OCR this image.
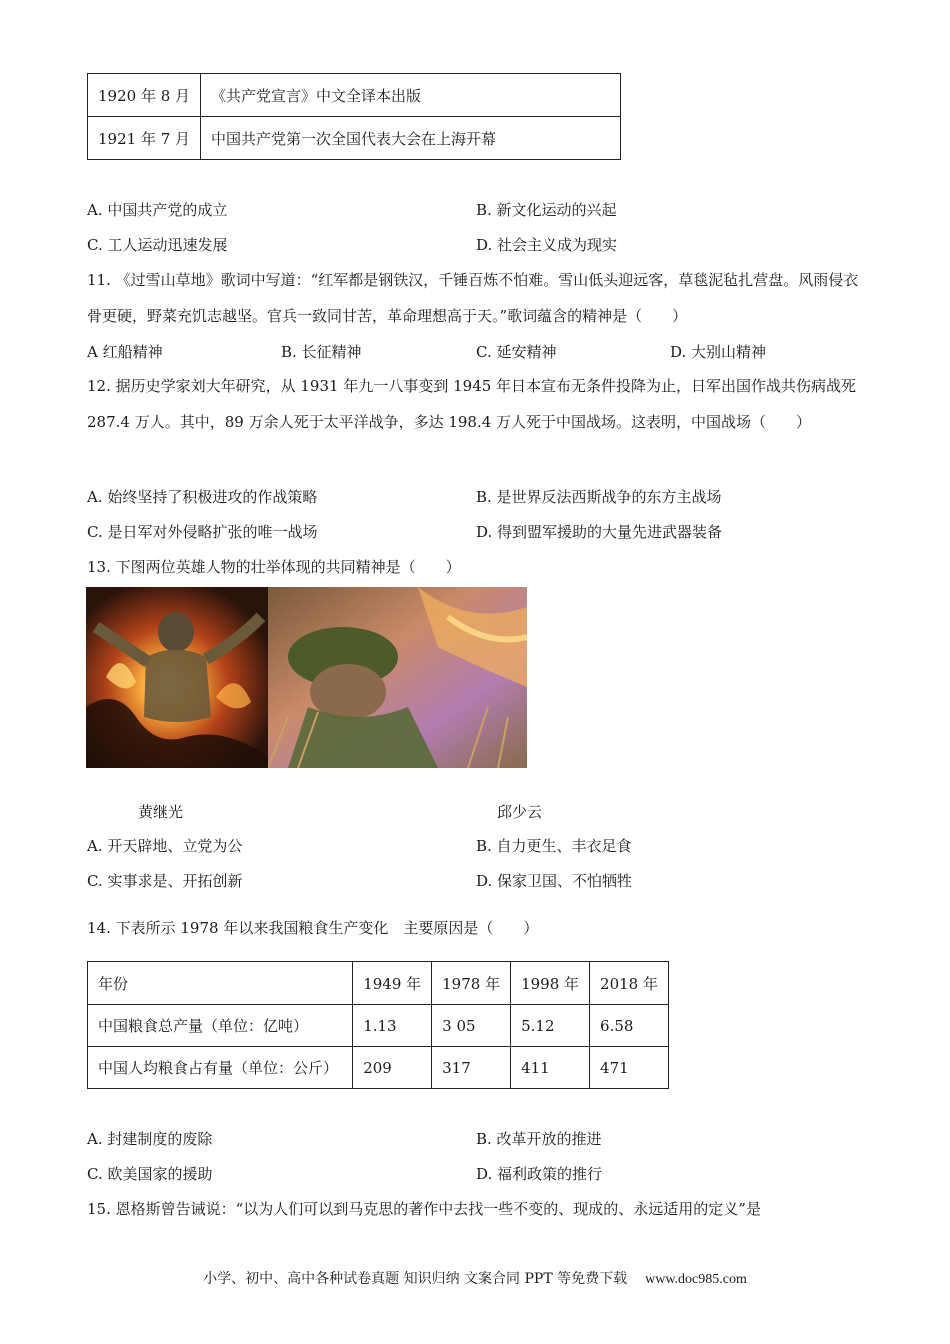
1920 年 8 月	《共产党宣言》中文全译本出版
1921 年 7 月	中国共产党第一次全国代表大会在上海开幕
A. 中国共产党的成立	B. 新文化运动的兴起
C. 工人运动迅速发展	D. 社会主义成为现实
11. 《过雪山草地》歌词中写道：“红军都是钢铁汉，千锤百炼不怕难。雪山低头迎远客，草毯泥毡扎营盘。风雨侵衣骨更硬，野菜充饥志越坚。官兵一致同甘苦，革命理想高于天。”歌词蕴含的精神是（　　）
A 红船精神	B. 长征精神	C. 延安精神	D. 大别山精神
12. 据历史学家刘大年研究，从 1931 年九一八事变到 1945 年日本宣布无条件投降为止，日军出国作战共伤病战死 287.4 万人。其中，89 万余人死于太平洋战争，多达 198.4 万人死于中国战场。这表明，中国战场（　　）
A. 始终坚持了积极进攻的作战策略	B. 是世界反法西斯战争的东方主战场
C. 是日军对外侵略扩张的唯一战场	D. 得到盟军援助的大量先进武器装备
13. 下图两位英雄人物的壮举体现的共同精神是（　　）
黄继光	邱少云
A. 开天辟地、立党为公	B. 自力更生、丰衣足食
C. 实事求是、开拓创新	D. 保家卫国、不怕牺牲
14. 下表所示 1978 年以来我国粮食生产变化　主要原因是（　　）
年份	1949 年	1978 年	1998 年	2018 年
中国粮食总产量（单位：亿吨）	1.13	3 05	5.12	6.58
中国人均粮食占有量（单位：公斤）	209	317	411	471
A. 封建制度的废除	B. 改革开放的推进
C. 欧美国家的援助	D. 福利政策的推行
15. 恩格斯曾告诫说：“以为人们可以到马克思的著作中去找一些不变的、现成的、永远适用的定义”是
小学、初中、高中各种试卷真题 知识归纳 文案合同 PPT 等免费下载 www.doc985.com
